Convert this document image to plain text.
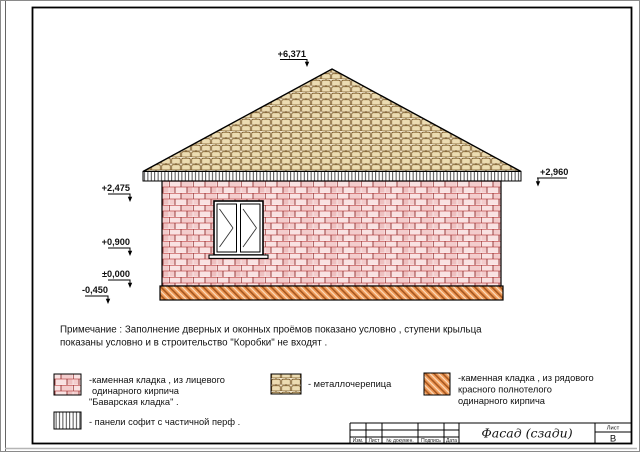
+6,371
+2,475
+2,960
+0,900
±0,000
-0,450
Примечание : Заполнение дверных и оконных проёмов показано условно , ступени крыльца
показаны условно и в строительство "Коробки" не входят .
-каменная кладка , из лицевого
одинарного кирпича
"Баварская кладка" .
- панели софит с частичной перф .
- металлочерепица
-каменная кладка , из рядового
красного полнотелого
одинарного кирпича
Изм. Лист № докумен. Подпись Дата
Фасад (сзади)	Лист
В
